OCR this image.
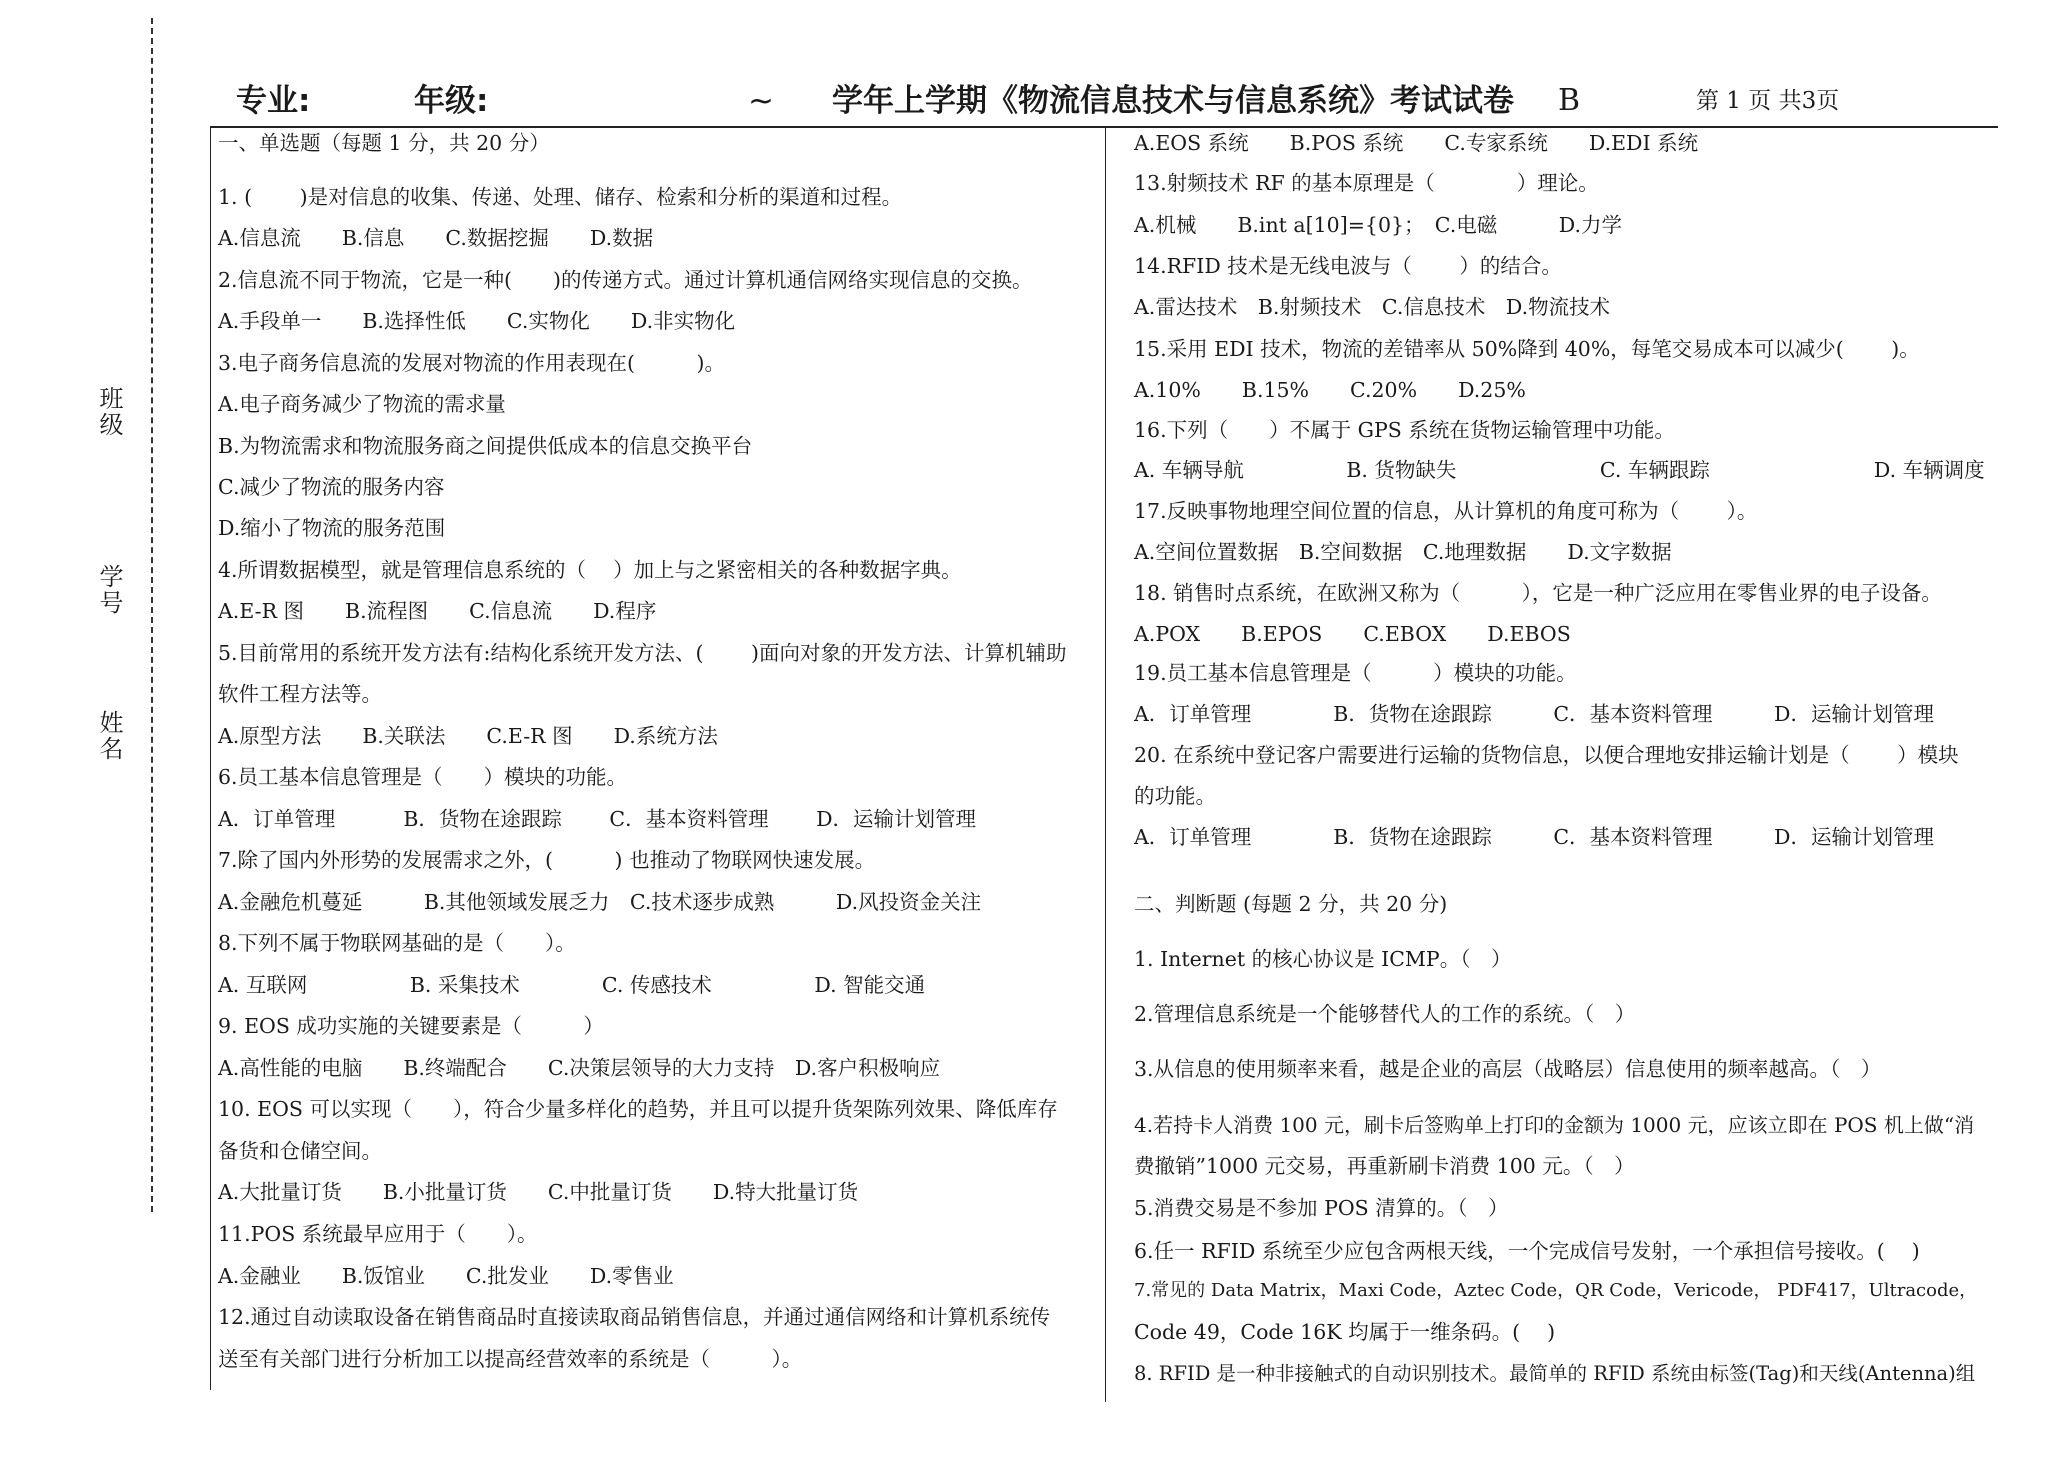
班级
学号
姓名
专业:	年级:	~ 学年上学期《物流信息技术与信息系统》考试试卷 B	第 1 页 共3页
一、单选题（每题 1 分，共 20 分）
1. (　　 )是对信息的收集、传递、处理、储存、检索和分析的渠道和过程。
A.信息流　　B.信息　　C.数据挖掘　　D.数据
2.信息流不同于物流，它是一种(　　)的传递方式。通过计算机通信网络实现信息的交换。
A.手段单一　　B.选择性低　　C.实物化　　D.非实物化
3.电子商务信息流的发展对物流的作用表现在(　　　)。
A.电子商务减少了物流的需求量
B.为物流需求和物流服务商之间提供低成本的信息交换平台
C.减少了物流的服务内容
D.缩小了物流的服务范围
4.所谓数据模型，就是管理信息系统的（　 ）加上与之紧密相关的各种数据字典。
A.E-R 图　　B.流程图　　C.信息流　　D.程序
5.目前常用的系统开发方法有:结构化系统开发方法、(　　 )面向对象的开发方法、计算机辅助
软件工程方法等。
A.原型方法　　B.关联法　　C.E-R 图　　D.系统方法
6.员工基本信息管理是（　　）模块的功能。
A．订单管理　　　 B．货物在途跟踪　　 C．基本资料管理　　 D．运输计划管理
7.除了国内外形势的发展需求之外，(　　　) 也推动了物联网快速发展。
A.金融危机蔓延　　　B.其他领域发展乏力　C.技术逐步成熟　　　D.风投资金关注
8.下列不属于物联网基础的是（　　）。
A. 互联网　　　　　B. 采集技术　　　　C. 传感技术　　　　　D. 智能交通
9. EOS 成功实施的关键要素是（　　　）
A.高性能的电脑　　B.终端配合　　C.决策层领导的大力支持　D.客户积极响应
10. EOS 可以实现（　　），符合少量多样化的趋势，并且可以提升货架陈列效果、降低库存
备货和仓储空间。
A.大批量订货　　B.小批量订货　　C.中批量订货　　D.特大批量订货
11.POS 系统最早应用于（　　）。
A.金融业　　B.饭馆业　　C.批发业　　D.零售业
12.通过自动读取设备在销售商品时直接读取商品销售信息，并通过通信网络和计算机系统传
送至有关部门进行分析加工以提高经营效率的系统是（　　　）。
A.EOS 系统　　B.POS 系统　　C.专家系统　　D.EDI 系统
13.射频技术 RF 的基本原理是（　　　　）理论。
A.机械　　B.int a[10]={0}；　C.电磁　　　D.力学
14.RFID 技术是无线电波与（　　 ）的结合。
A.雷达技术　B.射频技术　C.信息技术　D.物流技术
15.采用 EDI 技术，物流的差错率从 50%降到 40%，每笔交易成本可以减少(　　 )。
A.10%　　B.15%　　C.20%　　D.25%
16.下列（　　）不属于 GPS 系统在货物运输管理中功能。
A. 车辆导航　　　　　B. 货物缺失　　　　　　　C. 车辆跟踪　　　　　　　　D. 车辆调度
17.反映事物地理空间位置的信息，从计算机的角度可称为（　　 ）。
A.空间位置数据　B.空间数据　C.地理数据　　D.文字数据
18. 销售时点系统，在欧洲又称为（　　　），它是一种广泛应用在零售业界的电子设备。
A.POX　　B.EPOS　　C.EBOX　　D.EBOS
19.员工基本信息管理是（　　　）模块的功能。
A．订单管理　　　　B．货物在途跟踪　　　C．基本资料管理　　　D．运输计划管理
20. 在系统中登记客户需要进行运输的货物信息，以便合理地安排运输计划是（　　 ）模块
的功能。
A．订单管理　　　　B．货物在途跟踪　　　C．基本资料管理　　　D．运输计划管理
二、判断题 (每题 2 分，共 20 分)
1. Internet 的核心协议是 ICMP。（　）
2.管理信息系统是一个能够替代人的工作的系统。（　）
3.从信息的使用频率来看，越是企业的高层（战略层）信息使用的频率越高。（　）
4.若持卡人消费 100 元，刷卡后签购单上打印的金额为 1000 元，应该立即在 POS 机上做“消
费撤销”1000 元交易，再重新刷卡消费 100 元。（　）
5.消费交易是不参加 POS 清算的。（　）
6.任一 RFID 系统至少应包含两根天线，一个完成信号发射，一个承担信号接收。(　 )
7.常见的 Data Matrix，Maxi Code，Aztec Code，QR Code，Vericode， PDF417，Ultracode，
Code 49，Code 16K 均属于一维条码。(　 )
8. RFID 是一种非接触式的自动识别技术。最简单的 RFID 系统由标签(Tag)和天线(Antenna)组
